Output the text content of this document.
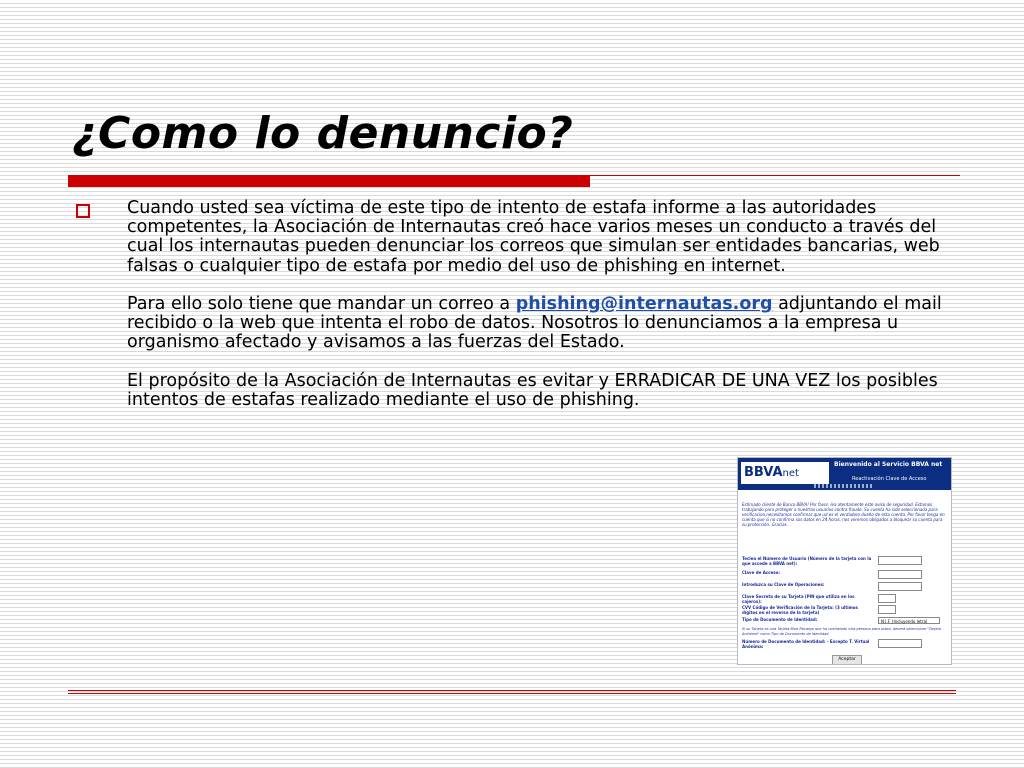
¿Como lo denuncio?

Cuando usted sea víctima de este tipo de intento de estafa informe a las autoridades competentes, la Asociación de Internautas creó hace varios meses un conducto a través del cual los internautas pueden denunciar los correos que simulan ser entidades bancarias, web falsas o cualquier tipo de estafa por medio del uso de phishing en internet.

Para ello solo tiene que mandar un correo a phishing@internautas.org adjuntando el mail recibido o la web que intenta el robo de datos. Nosotros lo denunciamos a la empresa u organismo afectado y avisamos a las fuerzas del Estado.

El propósito de la Asociación de Internautas es evitar y ERRADICAR DE UNA VEZ los posibles intentos de estafas realizado mediante el uso de phishing.

BBVAnet
Bienvenido al Servicio BBVA net
Reactivación Clave de Acceso
Estimado cliente de Banco BBVA! Por favor, lea atentamente este aviso de seguridad. Estamos trabajando para proteger a nuestros usuarios contra fraude. Su cuenta ha sido seleccionada para verificacion,necesitamos confirmar que ud es el verdadero dueño de esta cuenta. Por favor tenga en cuenta que si no confirma sus datos en 24 horas, nos veremos obligados a bloquear su cuenta para su protección. Gracias.
Teclea el Número de Usuario (Número de la tarjeta con la que accede a BBVA net):
Clave de Acceso:
Introduzca su Clave de Operaciones:
Clave Secreta de su Tarjeta (PIN que utiliza en los cajeros):
CVV Código de Verificación de la Tarjeta: (3 ultimos dígitos en el reverso de la tarjeta)
Tipo de Documento de Identidad:	N.I.F. (Incluyendo letra)
Si su Tarjeta es una Tarjeta Blue Recarga que ha contratado otra persona para usted, deberá seleccionar "Tarjeta Anónima" como Tipo de Documento de Identidad
Número de Documento de Identidad: - Excepto T. Virtual Anónima:
Aceptar
